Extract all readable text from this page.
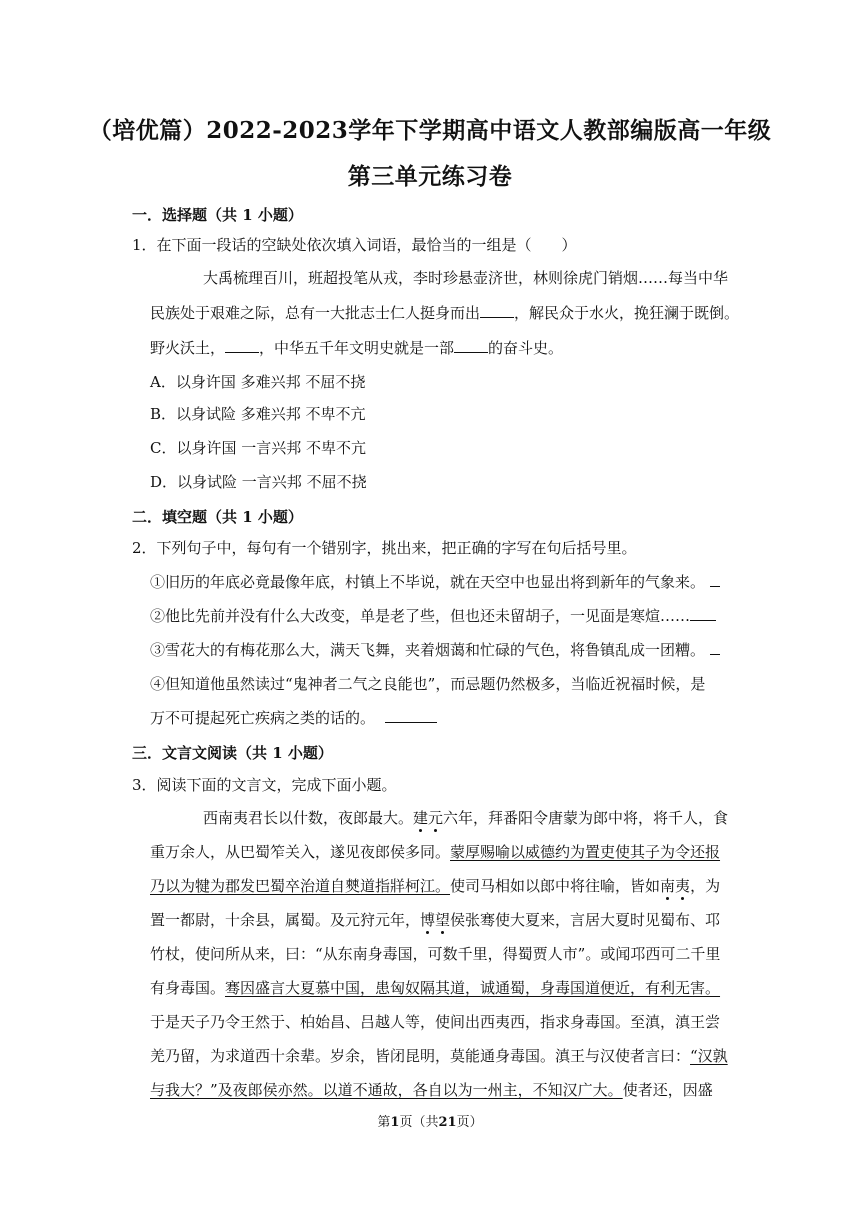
（培优篇）2022-2023学年下学期高中语文人教部编版高一年级
第三单元练习卷
一．选择题（共 1 小题）
1．在下面一段话的空缺处依次填入词语，最恰当的一组是（　　）
大禹梳理百川，班超投笔从戎，李时珍悬壶济世，林则徐虎门销烟……每当中华
民族处于艰难之际，总有一大批志士仁人挺身而出 ，解民众于水火，挽狂澜于既倒。
野火沃土， ，中华五千年文明史就是一部 的奋斗史。
A．以身许国 多难兴邦 不屈不挠
B．以身试险 多难兴邦 不卑不亢
C．以身许国 一言兴邦 不卑不亢
D．以身试险 一言兴邦 不屈不挠
二．填空题（共 1 小题）
2．下列句子中，每句有一个错别字，挑出来，把正确的字写在句后括号里。
①旧历的年底必竟最像年底，村镇上不毕说，就在天空中也显出将到新年的气象来。
②他比先前并没有什么大改变，单是老了些，但也还未留胡子，一见面是寒煊……
③雪花大的有梅花那么大，满天飞舞，夹着烟蔼和忙碌的气色，将鲁镇乱成一团糟。
④但知道他虽然读过“鬼神者二气之良能也”，而忌题仍然极多，当临近祝福时候，是
万不可提起死亡疾病之类的话的。
三．文言文阅读（共 1 小题）
3．阅读下面的文言文，完成下面小题。
西南夷君长以什数，夜郎最大。建元六年，拜番阳令唐蒙为郎中将，将千人，食
重万余人，从巴蜀笮关入，遂见夜郎侯多同。蒙厚赐喻以威德约为置吏使其子为令还报
乃以为犍为郡发巴蜀卒治道自僰道指牂柯江。使司马相如以郎中将往喻，皆如南夷，为
置一都尉，十余县，属蜀。及元狩元年，博望侯张骞使大夏来，言居大夏时见蜀布、邛
竹杖，使问所从来，曰：“从东南身毒国，可数千里，得蜀贾人市”。或闻邛西可二千里
有身毒国。骞因盛言大夏慕中国，患匈奴隔其道，诚通蜀，身毒国道便近，有利无害。
于是天子乃令王然于、柏始昌、吕越人等，使间出西夷西，指求身毒国。至滇，滇王尝
羌乃留，为求道西十余辈。岁余，皆闭昆明，莫能通身毒国。滇王与汉使者言曰：“汉孰
与我大？”及夜郎侯亦然。以道不通故，各自以为一州主，不知汉广大。使者还，因盛
第1页（共21页）
